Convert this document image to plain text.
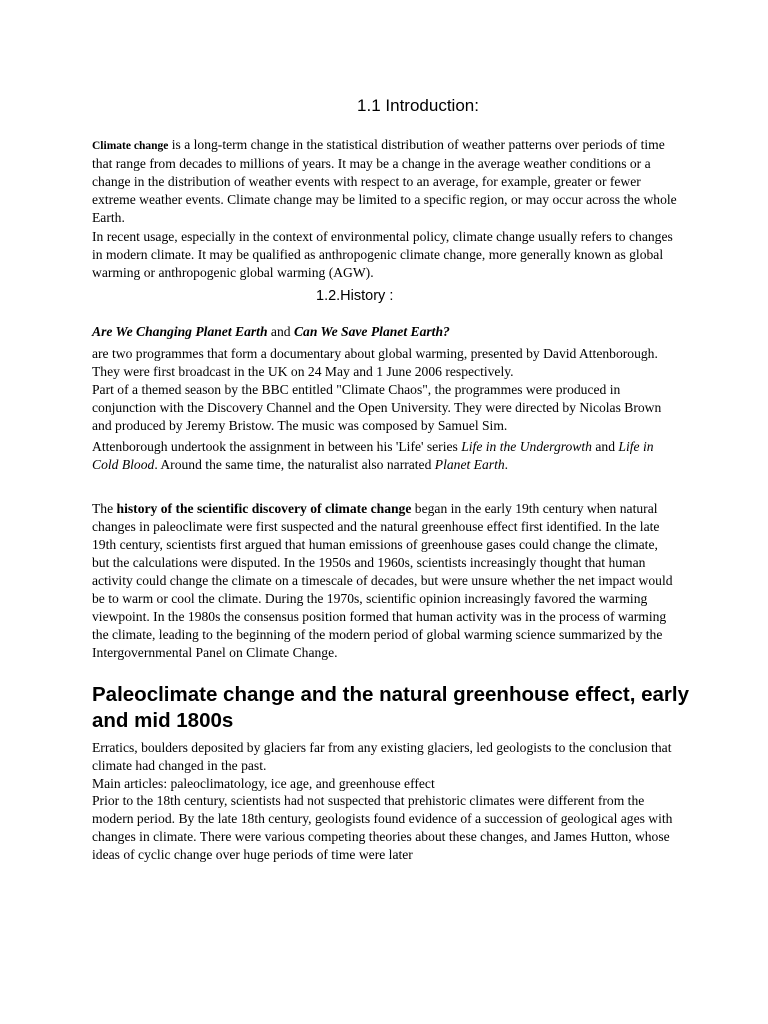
1.1 Introduction:

Climate change is a long-term change in the statistical distribution of weather patterns over periods of time that range from decades to millions of years. It may be a change in the average weather conditions or a change in the distribution of weather events with respect to an average, for example, greater or fewer extreme weather events. Climate change may be limited to a specific region, or may occur across the whole Earth.

In recent usage, especially in the context of environmental policy, climate change usually refers to changes in modern climate. It may be qualified as anthropogenic climate change, more generally known as global warming or anthropogenic global warming (AGW).

1.2.History :

Are We Changing Planet Earth and Can We Save Planet Earth?

are two programmes that form a documentary about global warming, presented by David Attenborough. They were first broadcast in the UK on 24 May and 1 June 2006 respectively.

Part of a themed season by the BBC entitled "Climate Chaos", the programmes were produced in conjunction with the Discovery Channel and the Open University. They were directed by Nicolas Brown and produced by Jeremy Bristow. The music was composed by Samuel Sim.

Attenborough undertook the assignment in between his 'Life' series Life in the Undergrowth and Life in Cold Blood. Around the same time, the naturalist also narrated Planet Earth.

The history of the scientific discovery of climate change began in the early 19th century when natural changes in paleoclimate were first suspected and the natural greenhouse effect first identified. In the late 19th century, scientists first argued that human emissions of greenhouse gases could change the climate, but the calculations were disputed. In the 1950s and 1960s, scientists increasingly thought that human activity could change the climate on a timescale of decades, but were unsure whether the net impact would be to warm or cool the climate. During the 1970s, scientific opinion increasingly favored the warming viewpoint. In the 1980s the consensus position formed that human activity was in the process of warming the climate, leading to the beginning of the modern period of global warming science summarized by the Intergovernmental Panel on Climate Change.

Paleoclimate change and the natural greenhouse effect, early and mid 1800s

Erratics, boulders deposited by glaciers far from any existing glaciers, led geologists to the conclusion that climate had changed in the past.

Main articles: paleoclimatology, ice age, and greenhouse effect

Prior to the 18th century, scientists had not suspected that prehistoric climates were different from the modern period. By the late 18th century, geologists found evidence of a succession of geological ages with changes in climate. There were various competing theories about these changes, and James Hutton, whose ideas of cyclic change over huge periods of time were later
